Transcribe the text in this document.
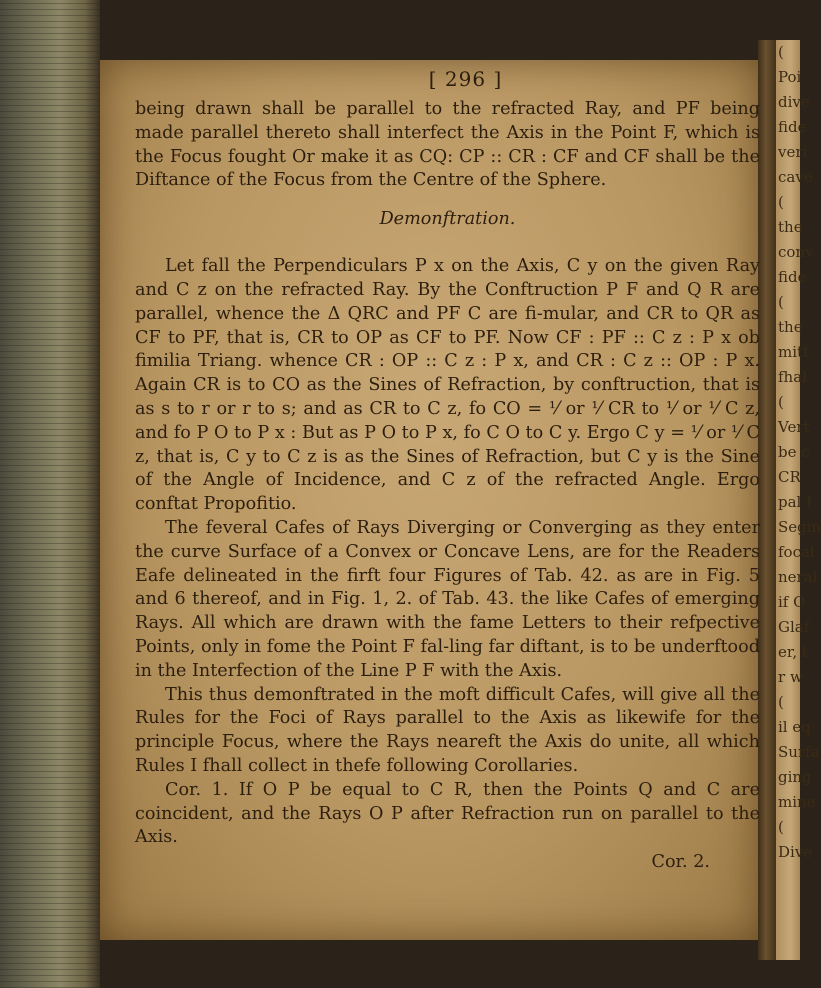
(
Poi
dive
fide
veri
cave
(
the
conv
fide
(
the
mitt
fhal
(
Vert
be c
CR
pal I
Segm
focal
neral
if O
Glaf
er, t
r w
(
il eq
Surfa
ging
mine
(
Dive

[ 296 ]

being drawn shall be parallel to the refracted Ray, and PF being made parallel thereto shall interfect the Axis in the Point F, which is the Focus fought Or make it as CQ: CP :: CR : CF and CF shall be the Diftance of the Focus from the Centre of the Sphere.

Demonftration.

Let fall the Perpendiculars P x on the Axis, C y on the given Ray and C z on the refracted Ray. By the Conftruction P F and Q R are parallel, whence the Δ QRC and PF C are fi-mular, and CR to QR as CF to PF, that is, CR to OP as CF to PF. Now CF : PF :: C z : P x ob fimilia Triang. whence CR : OP :: C z : P x, and CR : C z :: OP : P x. Again CR is to CO as the Sines of Refraction, by conftruction, that is as s to r or r to s; and as CR to C z, fo CO = ⅟ or ⅟ CR to ⅟ or ⅟ C z, and fo P O to P x : But as P O to P x, fo C O to C y. Ergo C y = ⅟ or ⅟ C z, that is, C y to C z is as the Sines of Refraction, but C y is the Sine of the Angle of Incidence, and C z of the refracted Angle. Ergo conftat Propofitio.

The feveral Cafes of Rays Diverging or Converging as they enter the curve Surface of a Convex or Concave Lens, are for the Readers Eafe delineated in the firft four Figures of Tab. 42. as are in Fig. 5 and 6 thereof, and in Fig. 1, 2. of Tab. 43. the like Cafes of emerging Rays. All which are drawn with the fame Letters to their refpective Points, only in fome the Point F fal-ling far diftant, is to be underftood in the Interfection of the Line P F with the Axis.

This thus demonftrated in the moft difficult Cafes, will give all the Rules for the Foci of Rays parallel to the Axis as likewife for the principle Focus, where the Rays neareft the Axis do unite, all which Rules I fhall collect in thefe following Corollaries.

Cor. 1. If O P be equal to C R, then the Points Q and C are coincident, and the Rays O P after Refraction run on parallel to the Axis.

Cor. 2.
